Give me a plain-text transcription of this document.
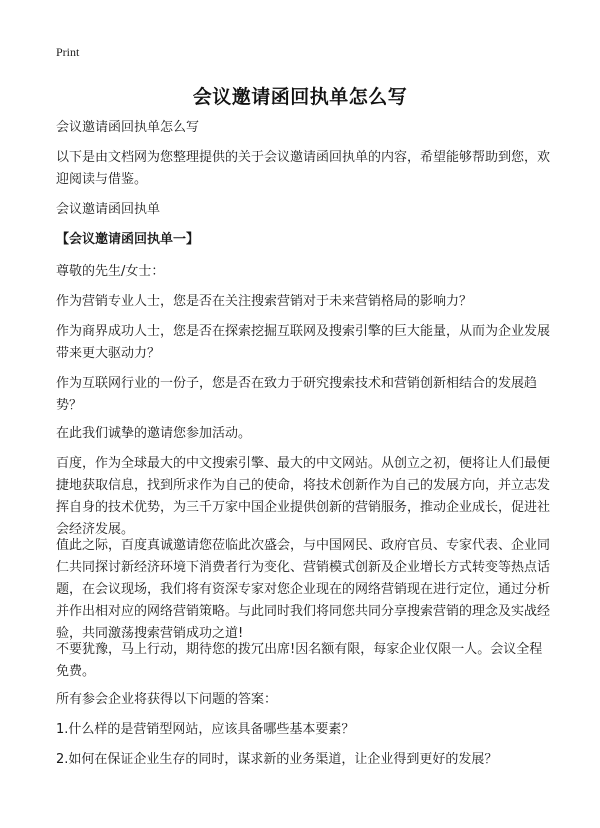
Print
会议邀请函回执单怎么写
会议邀请函回执单怎么写
以下是由文档网为您整理提供的关于会议邀请函回执单的内容，希望能够帮助到您，欢迎阅读与借鉴。
会议邀请函回执单
【会议邀请函回执单一】
尊敬的先生/女士：
作为营销专业人士，您是否在关注搜索营销对于未来营销格局的影响力？
作为商界成功人士，您是否在探索挖掘互联网及搜索引擎的巨大能量，从而为企业发展带来更大驱动力？
作为互联网行业的一份子，您是否在致力于研究搜索技术和营销创新相结合的发展趋势？
在此我们诚挚的邀请您参加活动。
百度，作为全球最大的中文搜索引擎、最大的中文网站。从创立之初，便将让人们最便捷地获取信息，找到所求作为自己的使命，将技术创新作为自己的发展方向，并立志发挥自身的技术优势，为三千万家中国企业提供创新的营销服务，推动企业成长，促进社会经济发展。
值此之际，百度真诚邀请您莅临此次盛会，与中国网民、政府官员、专家代表、企业同仁共同探讨新经济环境下消费者行为变化、营销模式创新及企业增长方式转变等热点话题，在会议现场，我们将有资深专家对您企业现在的网络营销现在进行定位，通过分析并作出相对应的网络营销策略。与此同时我们将同您共同分享搜索营销的理念及实战经验，共同激荡搜索营销成功之道!
不要犹豫，马上行动，期待您的拨冗出席!因名额有限，每家企业仅限一人。会议全程免费。
所有参会企业将获得以下问题的答案：
1.什么样的是营销型网站，应该具备哪些基本要素？
2.如何在保证企业生存的同时，谋求新的业务渠道，让企业得到更好的发展？
